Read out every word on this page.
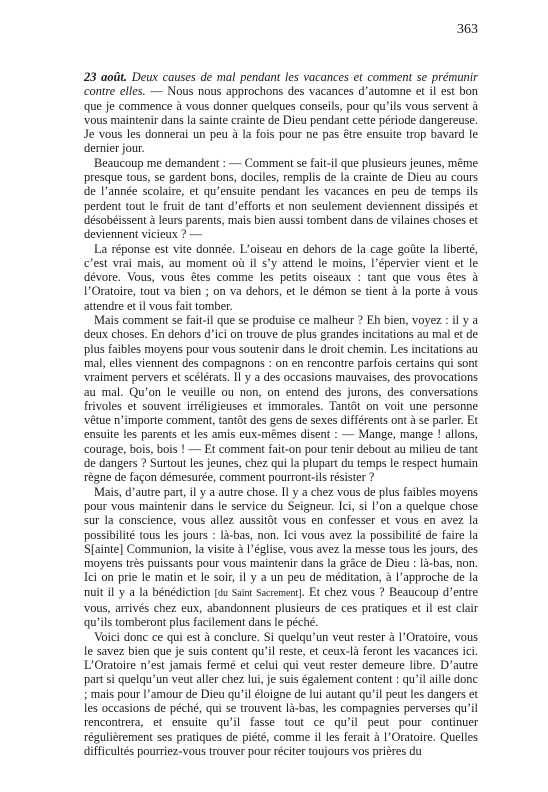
363

23 août. Deux causes de mal pendant les vacances et comment se prémunir contre elles. — Nous nous approchons des vacances d’automne et il est bon que je commence à vous donner quelques conseils, pour qu’ils vous servent à vous maintenir dans la sainte crainte de Dieu pendant cette période dangereuse. Je vous les donnerai un peu à la fois pour ne pas être ensuite trop bavard le dernier jour.

Beaucoup me demandent : — Comment se fait-il que plusieurs jeunes, même presque tous, se gardent bons, dociles, remplis de la crainte de Dieu au cours de l’année scolaire, et qu’ensuite pendant les vacances en peu de temps ils perdent tout le fruit de tant d’efforts et non seulement deviennent dissipés et désobéissent à leurs parents, mais bien aussi tombent dans de vilaines choses et deviennent vicieux ? —

La réponse est vite donnée. L’oiseau en dehors de la cage goûte la liberté, c’est vrai mais, au moment où il s’y attend le moins, l’épervier vient et le dévore. Vous, vous êtes comme les petits oiseaux : tant que vous êtes à l’Oratoire, tout va bien ; on va dehors, et le démon se tient à la porte à vous attendre et il vous fait tomber.

Mais comment se fait-il que se produise ce malheur ? Eh bien, voyez : il y a deux choses. En dehors d’ici on trouve de plus grandes incitations au mal et de plus faibles moyens pour vous soutenir dans le droit chemin. Les incitations au mal, elles viennent des compagnons : on en rencontre parfois certains qui sont vraiment pervers et scélérats. Il y a des occasions mauvaises, des provocations au mal. Qu’on le veuille ou non, on entend des jurons, des conversations frivoles et souvent irréligieuses et immorales. Tantôt on voit une personne vêtue n’importe comment, tantôt des gens de sexes différents ont à se parler. Et ensuite les parents et les amis eux-mêmes disent : — Mange, mange ! allons, courage, bois, bois ! — Et comment fait-on pour tenir debout au milieu de tant de dangers ? Surtout les jeunes, chez qui la plupart du temps le respect humain règne de façon démesurée, comment pourront-ils résister ?

Mais, d’autre part, il y a autre chose. Il y a chez vous de plus faibles moyens pour vous maintenir dans le service du Seigneur. Ici, si l’on a quelque chose sur la conscience, vous allez aussitôt vous en confesser et vous en avez la possibilité tous les jours : là-bas, non. Ici vous avez la possibilité de faire la S[ainte] Communion, la visite à l’église, vous avez la messe tous les jours, des moyens très puissants pour vous maintenir dans la grâce de Dieu : là-bas, non. Ici on prie le matin et le soir, il y a un peu de méditation, à l’approche de la nuit il y a la bénédiction [du Saint Sacrement]. Et chez vous ? Beaucoup d’entre vous, arrivés chez eux, abandonnent plusieurs de ces pratiques et il est clair qu’ils tomberont plus facilement dans le péché.

Voici donc ce qui est à conclure. Si quelqu’un veut rester à l’Oratoire, vous le savez bien que je suis content qu’il reste, et ceux-là feront les vacances ici. L’Oratoire n’est jamais fermé et celui qui veut rester demeure libre. D’autre part si quelqu’un veut aller chez lui, je suis également content : qu’il aille donc ; mais pour l’amour de Dieu qu’il éloigne de lui autant qu’il peut les dangers et les occasions de péché, qui se trouvent là-bas, les compagnies perverses qu’il rencontrera, et ensuite qu’il fasse tout ce qu’il peut pour continuer régulièrement ses pratiques de piété, comme il les ferait à l’Oratoire. Quelles difficultés pourriez-vous trouver pour réciter toujours vos prières du
